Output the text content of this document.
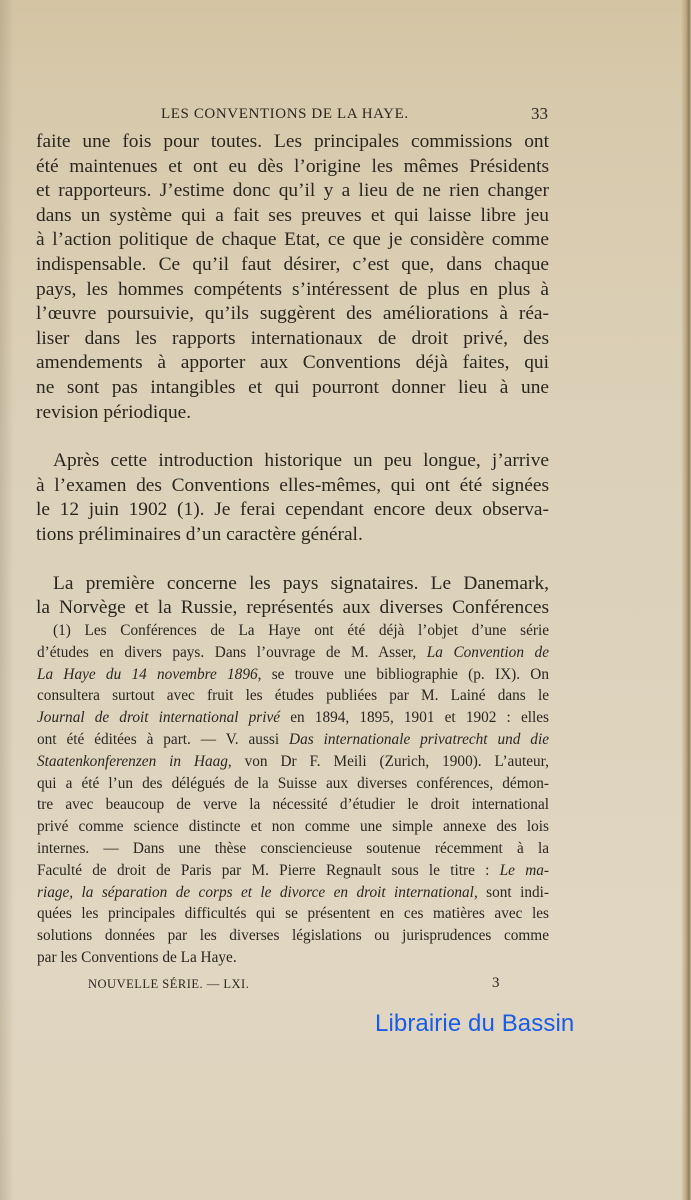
LES CONVENTIONS DE LA HAYE.	33
faite une fois pour toutes. Les principales commissions ont
été maintenues et ont eu dès l’origine les mêmes Présidents
et rapporteurs. J’estime donc qu’il y a lieu de ne rien changer
dans un système qui a fait ses preuves et qui laisse libre jeu
à l’action politique de chaque Etat, ce que je considère comme
indispensable. Ce qu’il faut désirer, c’est que, dans chaque
pays, les hommes compétents s’intéressent de plus en plus à
l’œuvre poursuivie, qu’ils suggèrent des améliorations à réa-
liser dans les rapports internationaux de droit privé, des
amendements à apporter aux Conventions déjà faites, qui
ne sont pas intangibles et qui pourront donner lieu à une
revision périodique.
Après cette introduction historique un peu longue, j’arrive
à l’examen des Conventions elles-mêmes, qui ont été signées
le 12 juin 1902 (1). Je ferai cependant encore deux observa-
tions préliminaires d’un caractère général.
La première concerne les pays signataires. Le Danemark,
la Norvège et la Russie, représentés aux diverses Conférences
(1) Les Conférences de La Haye ont été déjà l’objet d’une série
d’études en divers pays. Dans l’ouvrage de M. Asser, La Convention de
La Haye du 14 novembre 1896, se trouve une bibliographie (p. IX). On
consultera surtout avec fruit les études publiées par M. Lainé dans le
Journal de droit international privé en 1894, 1895, 1901 et 1902 : elles
ont été éditées à part. — V. aussi Das internationale privatrecht und die
Staatenkonferenzen in Haag, von Dr F. Meili (Zurich, 1900). L’auteur,
qui a été l’un des délégués de la Suisse aux diverses conférences, démon-
tre avec beaucoup de verve la nécessité d’étudier le droit international
privé comme science distincte et non comme une simple annexe des lois
internes. — Dans une thèse consciencieuse soutenue récemment à la
Faculté de droit de Paris par M. Pierre Regnault sous le titre : Le ma-
riage, la séparation de corps et le divorce en droit international, sont indi-
quées les principales difficultés qui se présentent en ces matières avec les
solutions données par les diverses législations ou jurisprudences comme
par les Conventions de La Haye.
NOUVELLE SÉRIE. — LXI.	3
Librairie du Bassin
